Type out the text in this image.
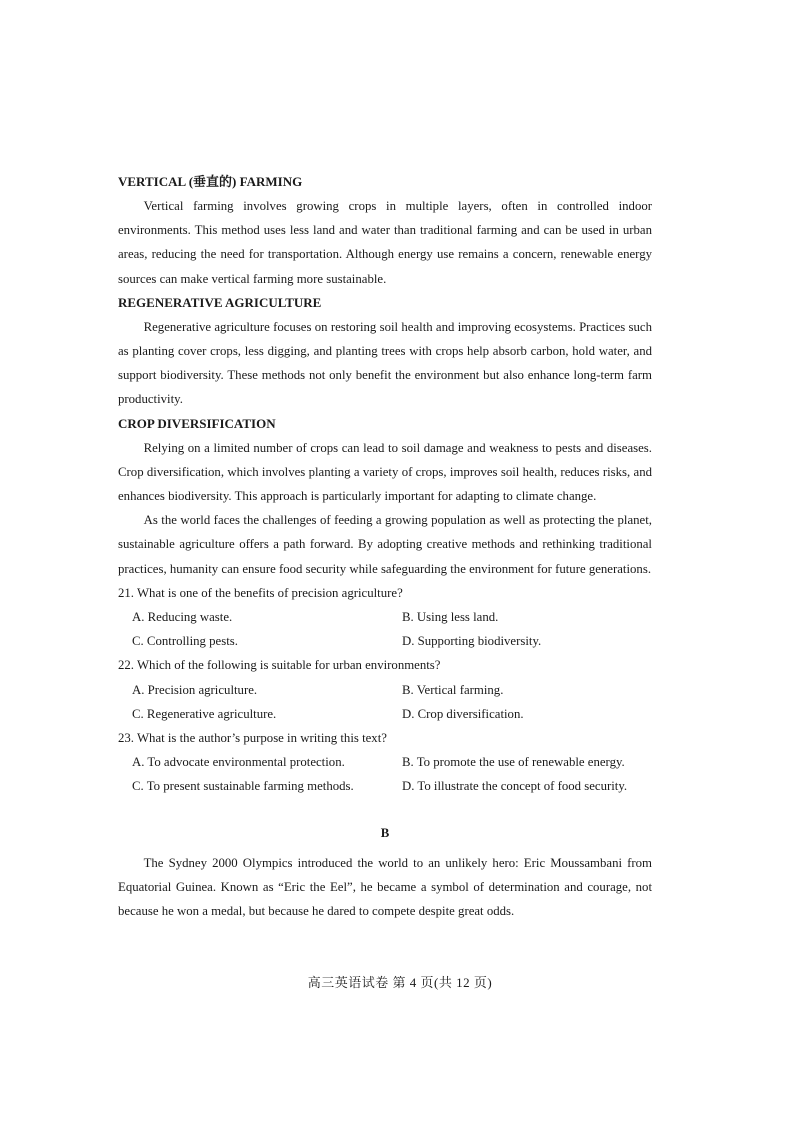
VERTICAL (垂直的) FARMING

Vertical farming involves growing crops in multiple layers, often in controlled indoor environments. This method uses less land and water than traditional farming and can be used in urban areas, reducing the need for transportation. Although energy use remains a concern, renewable energy sources can make vertical farming more sustainable.

REGENERATIVE AGRICULTURE

Regenerative agriculture focuses on restoring soil health and improving ecosystems. Practices such as planting cover crops, less digging, and planting trees with crops help absorb carbon, hold water, and support biodiversity. These methods not only benefit the environment but also enhance long-term farm productivity.

CROP DIVERSIFICATION

Relying on a limited number of crops can lead to soil damage and weakness to pests and diseases. Crop diversification, which involves planting a variety of crops, improves soil health, reduces risks, and enhances biodiversity. This approach is particularly important for adapting to climate change.

As the world faces the challenges of feeding a growing population as well as protecting the planet, sustainable agriculture offers a path forward. By adopting creative methods and rethinking traditional practices, humanity can ensure food security while safeguarding the environment for future generations.

21. What is one of the benefits of precision agriculture?

A. Reducing waste.	B. Using less land.

C. Controlling pests.	D. Supporting biodiversity.

22. Which of the following is suitable for urban environments?

A. Precision agriculture.	B. Vertical farming.

C. Regenerative agriculture.	D. Crop diversification.

23. What is the author’s purpose in writing this text?

A. To advocate environmental protection.	B. To promote the use of renewable energy.

C. To present sustainable farming methods.	D. To illustrate the concept of food security.

B

The Sydney 2000 Olympics introduced the world to an unlikely hero: Eric Moussambani from Equatorial Guinea. Known as “Eric the Eel”, he became a symbol of determination and courage, not because he won a medal, but because he dared to compete despite great odds.

高三英语试卷 第 4 页(共 12 页)
